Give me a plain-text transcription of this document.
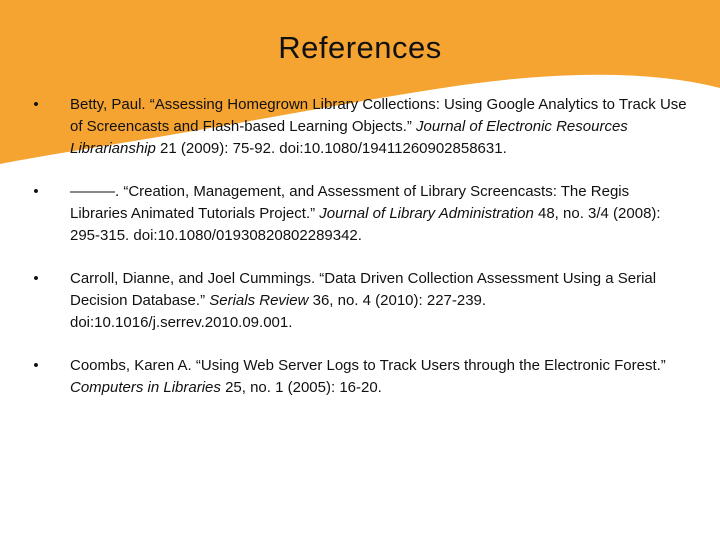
References
• Betty, Paul. “Assessing Homegrown Library Collections: Using Google Analytics to Track Use of Screencasts and Flash-based Learning Objects.” Journal of Electronic Resources Librarianship 21 (2009): 75-92. doi:10.1080/19411260902858631.
• ———. “Creation, Management, and Assessment of Library Screencasts: The Regis Libraries Animated Tutorials Project.” Journal of Library Administration 48, no. 3/4 (2008): 295-315. doi:10.1080/01930820802289342.
• Carroll, Dianne, and Joel Cummings. “Data Driven Collection Assessment Using a Serial Decision Database.” Serials Review 36, no. 4 (2010): 227-239. doi:10.1016/j.serrev.2010.09.001.
• Coombs, Karen A. “Using Web Server Logs to Track Users through the Electronic Forest.” Computers in Libraries 25, no. 1 (2005): 16-20.
